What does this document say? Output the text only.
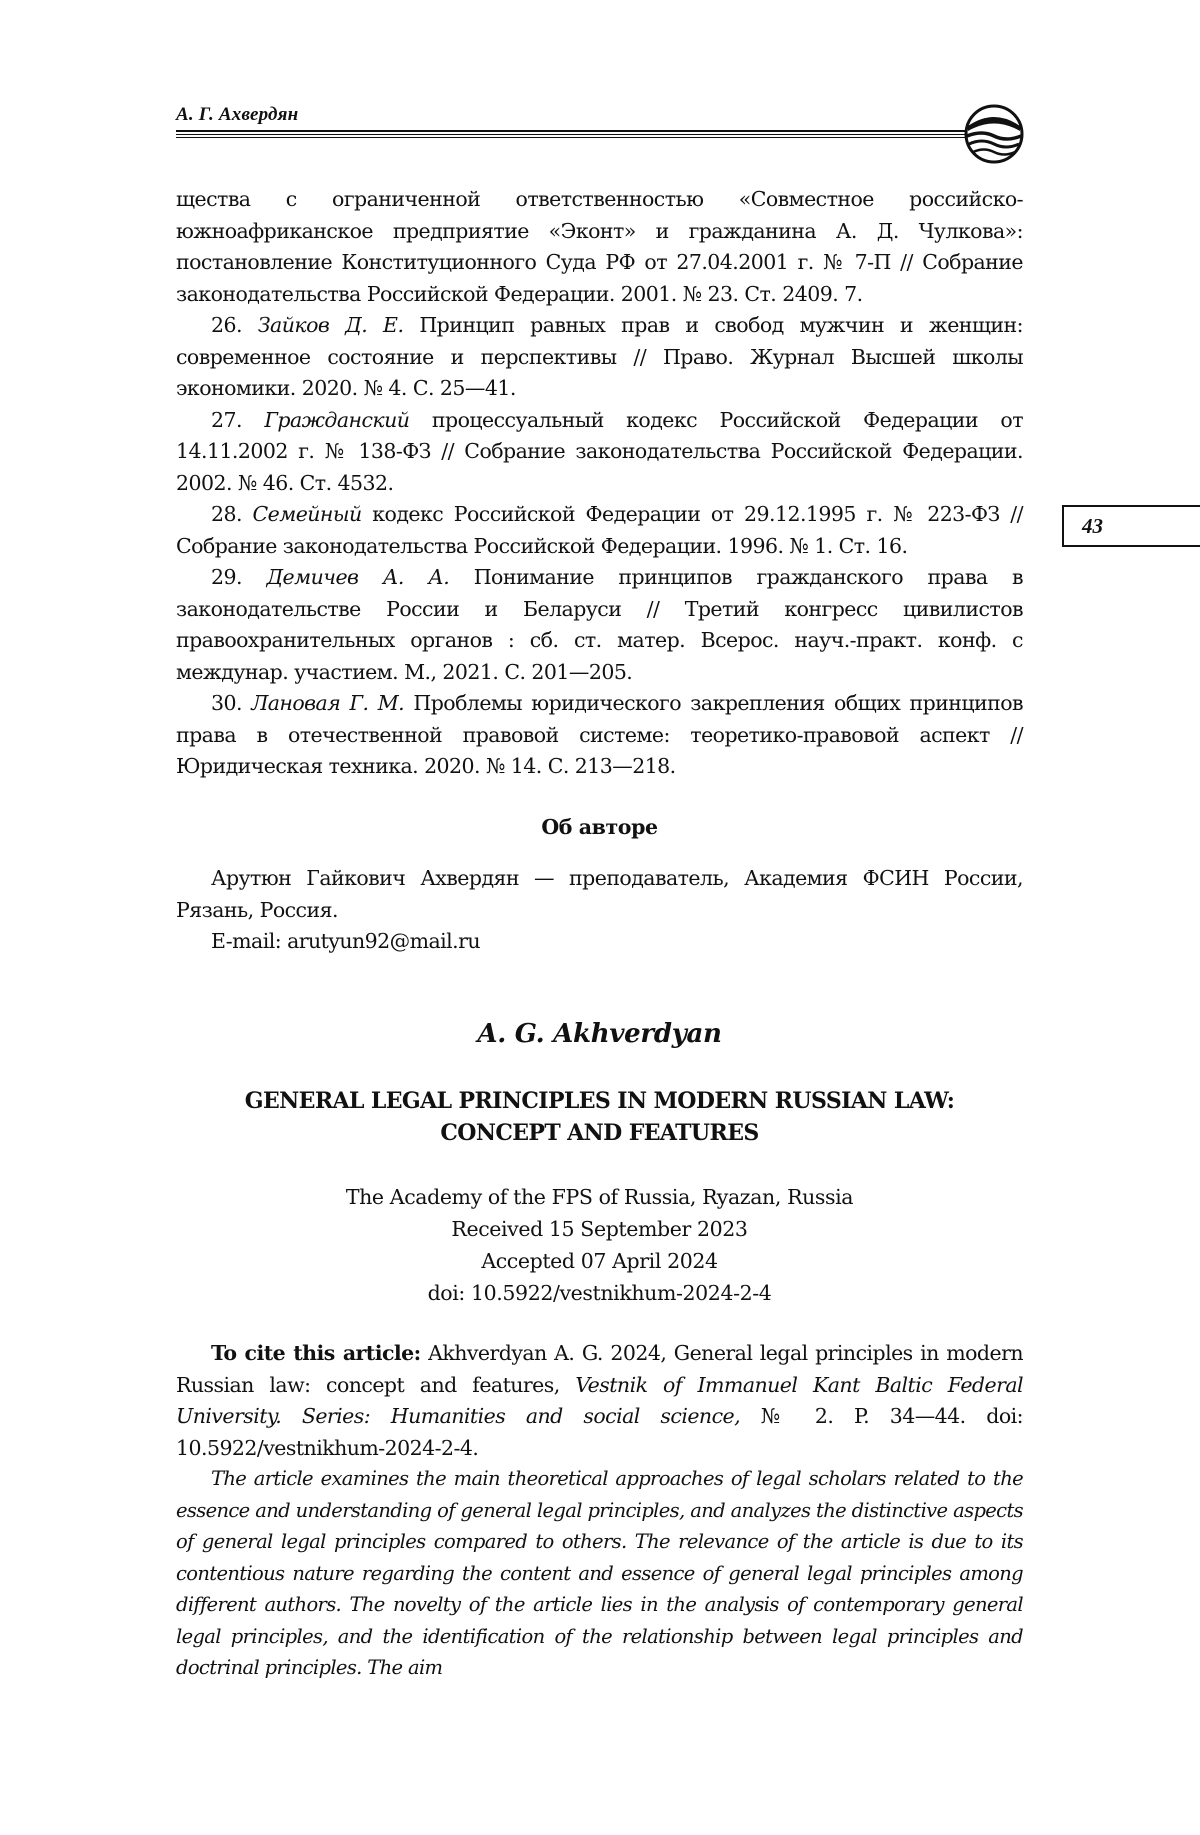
А. Г. Ахвердян
43

щества с ограниченной ответственностью «Совместное российско-южноафриканское предприятие «Эконт» и гражданина А. Д. Чулкова»: постановление Конституционного Суда РФ от 27.04.2001 г. № 7-П // Собрание законодательства Российской Федерации. 2001. № 23. Ст. 2409. 7.

26. Зайков Д. Е. Принцип равных прав и свобод мужчин и женщин: современное состояние и перспективы // Право. Журнал Высшей школы экономики. 2020. № 4. С. 25—41.

27. Гражданский процессуальный кодекс Российской Федерации от 14.11.2002 г. № 138-ФЗ // Собрание законодательства Российской Федерации. 2002. № 46. Ст. 4532.

28. Семейный кодекс Российской Федерации от 29.12.1995 г. № 223-ФЗ // Собрание законодательства Российской Федерации. 1996. № 1. Ст. 16.

29. Демичев А. А. Понимание принципов гражданского права в законодательстве России и Беларуси // Третий конгресс цивилистов правоохранительных органов : сб. ст. матер. Всерос. науч.-практ. конф. с междунар. участием. М., 2021. С. 201—205.

30. Лановая Г. М. Проблемы юридического закрепления общих принципов права в отечественной правовой системе: теоретико-правовой аспект // Юридическая техника. 2020. № 14. С. 213—218.

Об авторе

Арутюн Гайкович Ахвердян — преподаватель, Академия ФСИН России, Рязань, Россия.

E-mail: arutyun92@mail.ru

A. G. Akhverdyan
GENERAL LEGAL PRINCIPLES IN MODERN RUSSIAN LAW:
CONCEPT AND FEATURES
The Academy of the FPS of Russia, Ryazan, Russia
Received 15 September 2023
Accepted 07 April 2024
doi: 10.5922/vestnikhum-2024-2-4

To cite this article: Akhverdyan A. G. 2024, General legal principles in modern Russian law: concept and features, Vestnik of Immanuel Kant Baltic Federal University. Series: Humanities and social science, № 2. P. 34—44. doi: 10.5922/vestnikhum-2024-2-4.

The article examines the main theoretical approaches of legal scholars related to the essence and understanding of general legal principles, and analyzes the distinctive aspects of general legal principles compared to others. The relevance of the article is due to its contentious nature regarding the content and essence of general legal principles among different authors. The novelty of the article lies in the analysis of contemporary general legal principles, and the identification of the relationship between legal principles and doctrinal principles. The aim
